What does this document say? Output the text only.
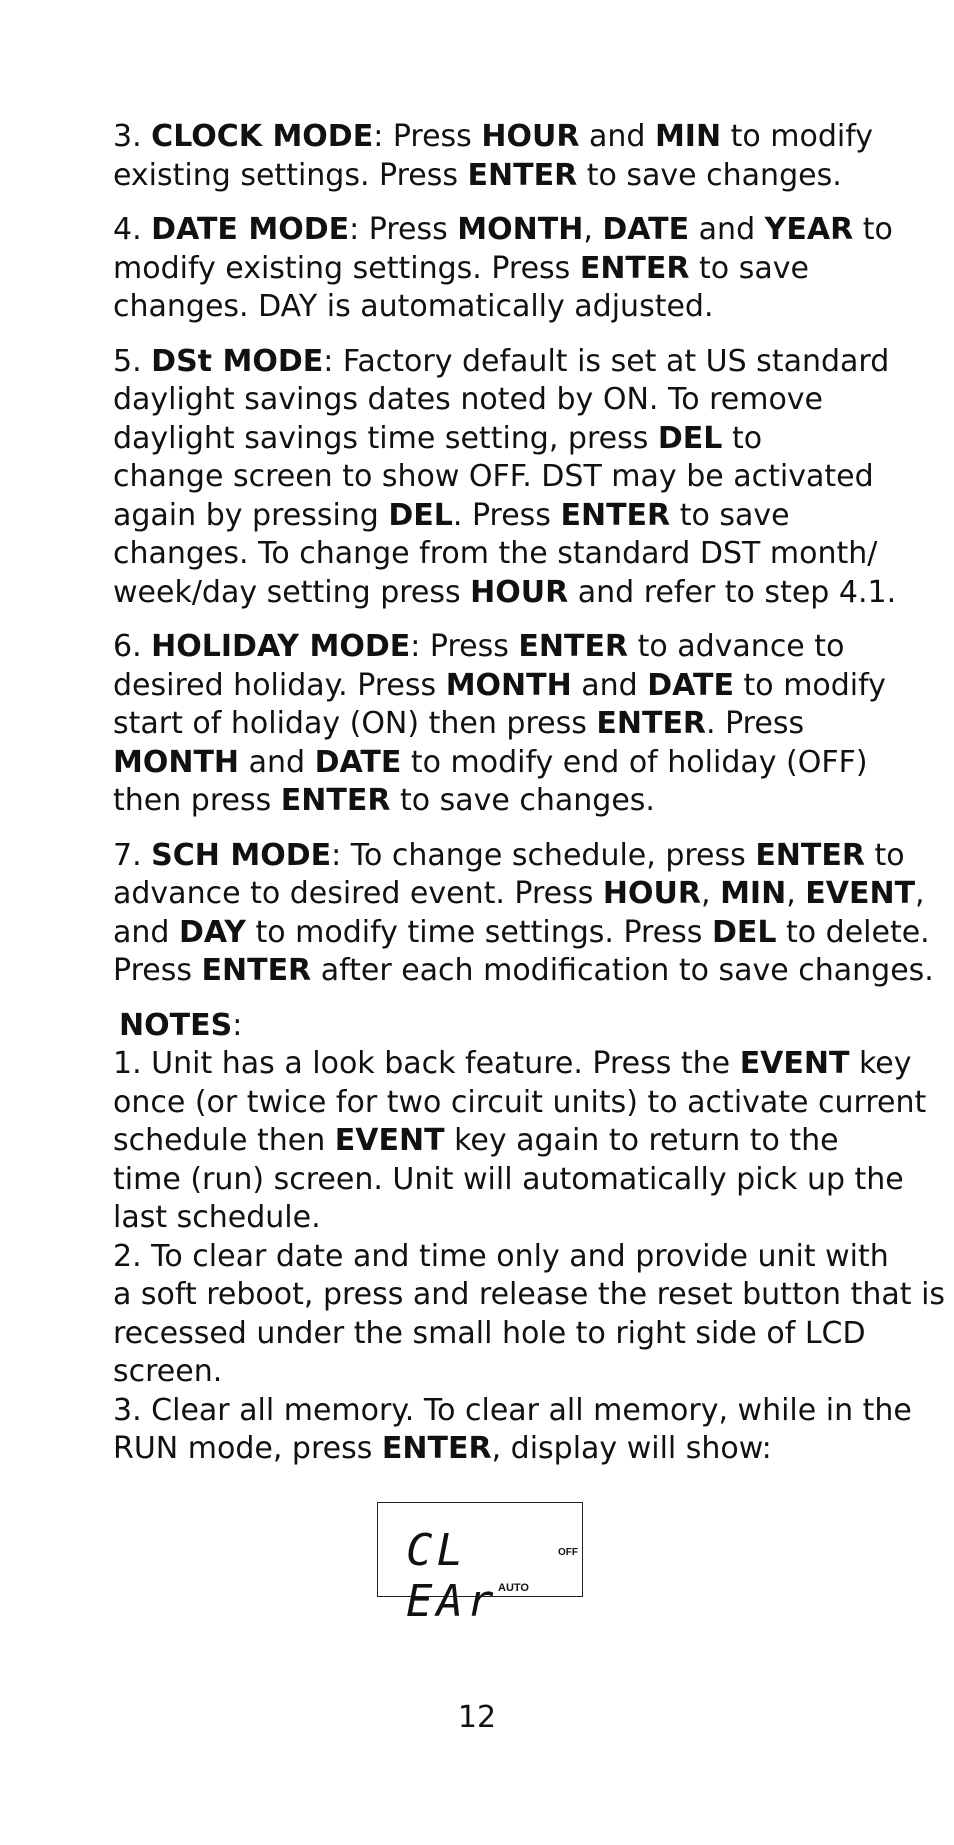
3. CLOCK MODE: Press HOUR and MIN to modify
existing settings. Press ENTER to save changes.

4. DATE MODE: Press MONTH, DATE and YEAR to
modify existing settings. Press ENTER to save
changes. DAY is automatically adjusted.

5. DSt MODE: Factory default is set at US standard
daylight savings dates noted by ON. To remove
daylight savings time setting, press DEL to
change screen to show OFF. DST may be activated
again by pressing DEL. Press ENTER to save
changes. To change from the standard DST month/
week/day setting press HOUR and refer to step 4.1.

6. HOLIDAY MODE: Press ENTER to advance to
desired holiday. Press MONTH and DATE to modify
start of holiday (ON) then press ENTER. Press
MONTH and DATE to modify end of holiday (OFF)
then press ENTER to save changes.

7. SCH MODE: To change schedule, press ENTER to
advance to desired event. Press HOUR, MIN, EVENT,
and DAY to modify time settings. Press DEL to delete.
Press ENTER after each modification to save changes.

NOTES:
1. Unit has a look back feature. Press the EVENT key
once (or twice for two circuit units) to activate current
schedule then EVENT key again to return to the
time (run) screen. Unit will automatically pick up the
last schedule.
2. To clear date and time only and provide unit with
a soft reboot, press and release the reset button that is
recessed under the small hole to right side of LCD
screen.
3. Clear all memory. To clear all memory, while in the
RUN mode, press ENTER, display will show:
CL EAr
OFF
AUTO
12
